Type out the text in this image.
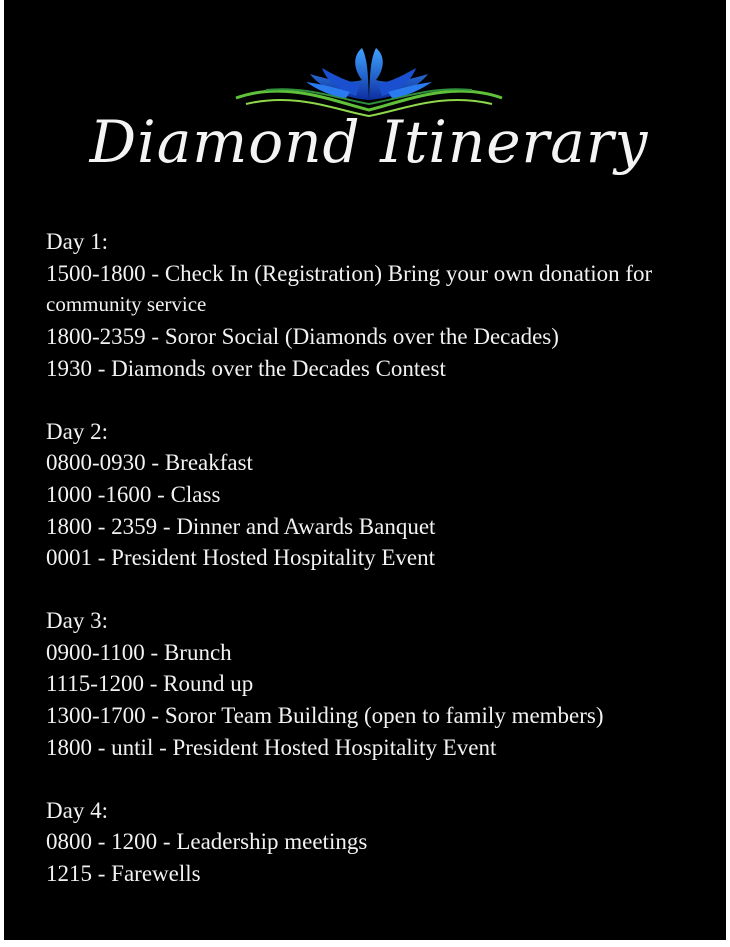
Diamond Itinerary
Day 1:
1500-1800 - Check In (Registration) Bring your own donation for
community service
1800-2359 - Soror Social (Diamonds over the Decades)
1930 - Diamonds over the Decades Contest
Day 2:
0800-0930 - Breakfast
1000 -1600 - Class
1800 - 2359 - Dinner and Awards Banquet
0001 - President Hosted Hospitality Event
Day 3:
0900-1100 - Brunch
1115-1200 - Round up
1300-1700 - Soror Team Building (open to family members)
1800 - until - President Hosted Hospitality Event
Day 4:
0800 - 1200 - Leadership meetings
1215 - Farewells
